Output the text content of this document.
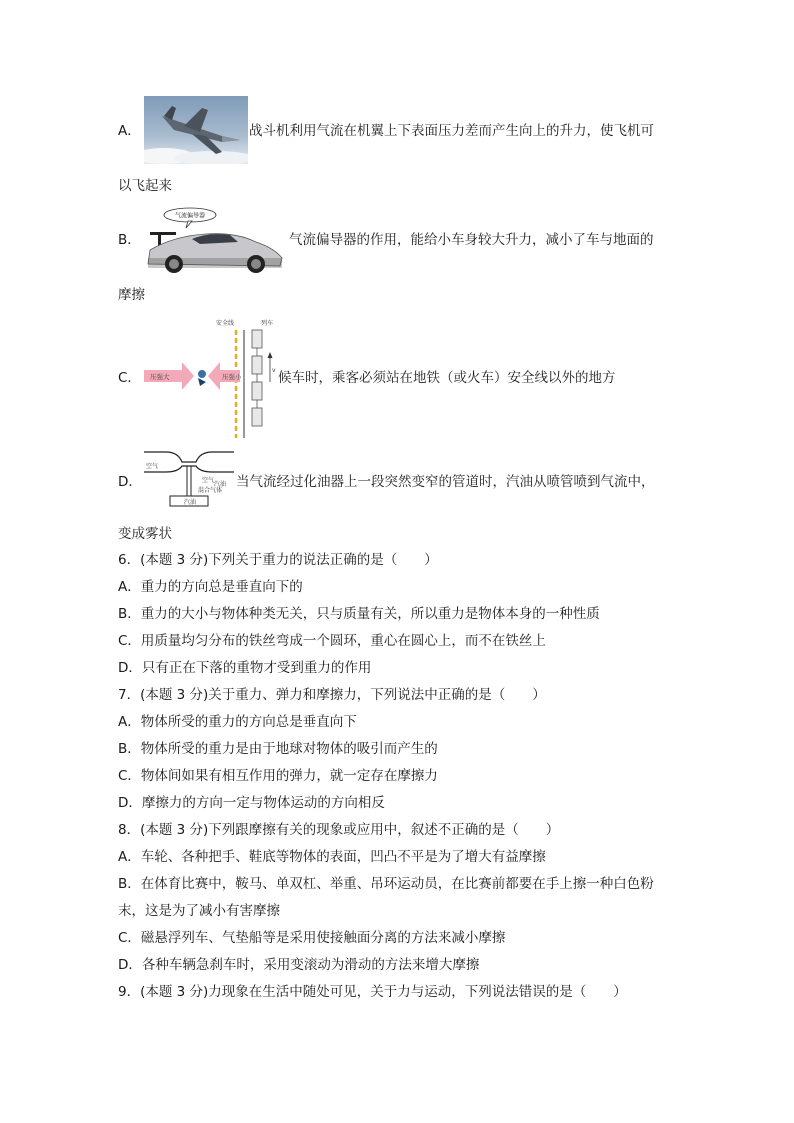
A．	战斗机利用气流在机翼上下表面压力差而产生向上的升力，使飞机可
以飞起来
B．
气流偏导器
气流偏导器的作用，能给小车身较大升力，减小了车与地面的
摩擦
C．
安全线	列车
v
压强大	压强小	候车时，乘客必须站在地铁（或火车）安全线以外的地方
D．
空气
空气
汽油
混合气体
汽油
当气流经过化油器上一段突然变窄的管道时，汽油从喷管喷到气流中，
变成雾状
6．(本题 3 分)下列关于重力的说法正确的是（　　）
A．重力的方向总是垂直向下的
B．重力的大小与物体种类无关，只与质量有关，所以重力是物体本身的一种性质
C．用质量均匀分布的铁丝弯成一个圆环，重心在圆心上，而不在铁丝上
D．只有正在下落的重物才受到重力的作用
7．(本题 3 分)关于重力、弹力和摩擦力，下列说法中正确的是（　　）
A．物体所受的重力的方向总是垂直向下
B．物体所受的重力是由于地球对物体的吸引而产生的
C．物体间如果有相互作用的弹力，就一定存在摩擦力
D．摩擦力的方向一定与物体运动的方向相反
8．(本题 3 分)下列跟摩擦有关的现象或应用中，叙述不正确的是（　　）
A．车轮、各种把手、鞋底等物体的表面，凹凸不平是为了增大有益摩擦
B．在体育比赛中，鞍马、单双杠、举重、吊环运动员，在比赛前都要在手上擦一种白色粉
末，这是为了减小有害摩擦
C．磁悬浮列车、气垫船等是采用使接触面分离的方法来减小摩擦
D．各种车辆急刹车时，采用变滚动为滑动的方法来增大摩擦
9．(本题 3 分)力现象在生活中随处可见，关于力与运动，下列说法错误的是（　　）
